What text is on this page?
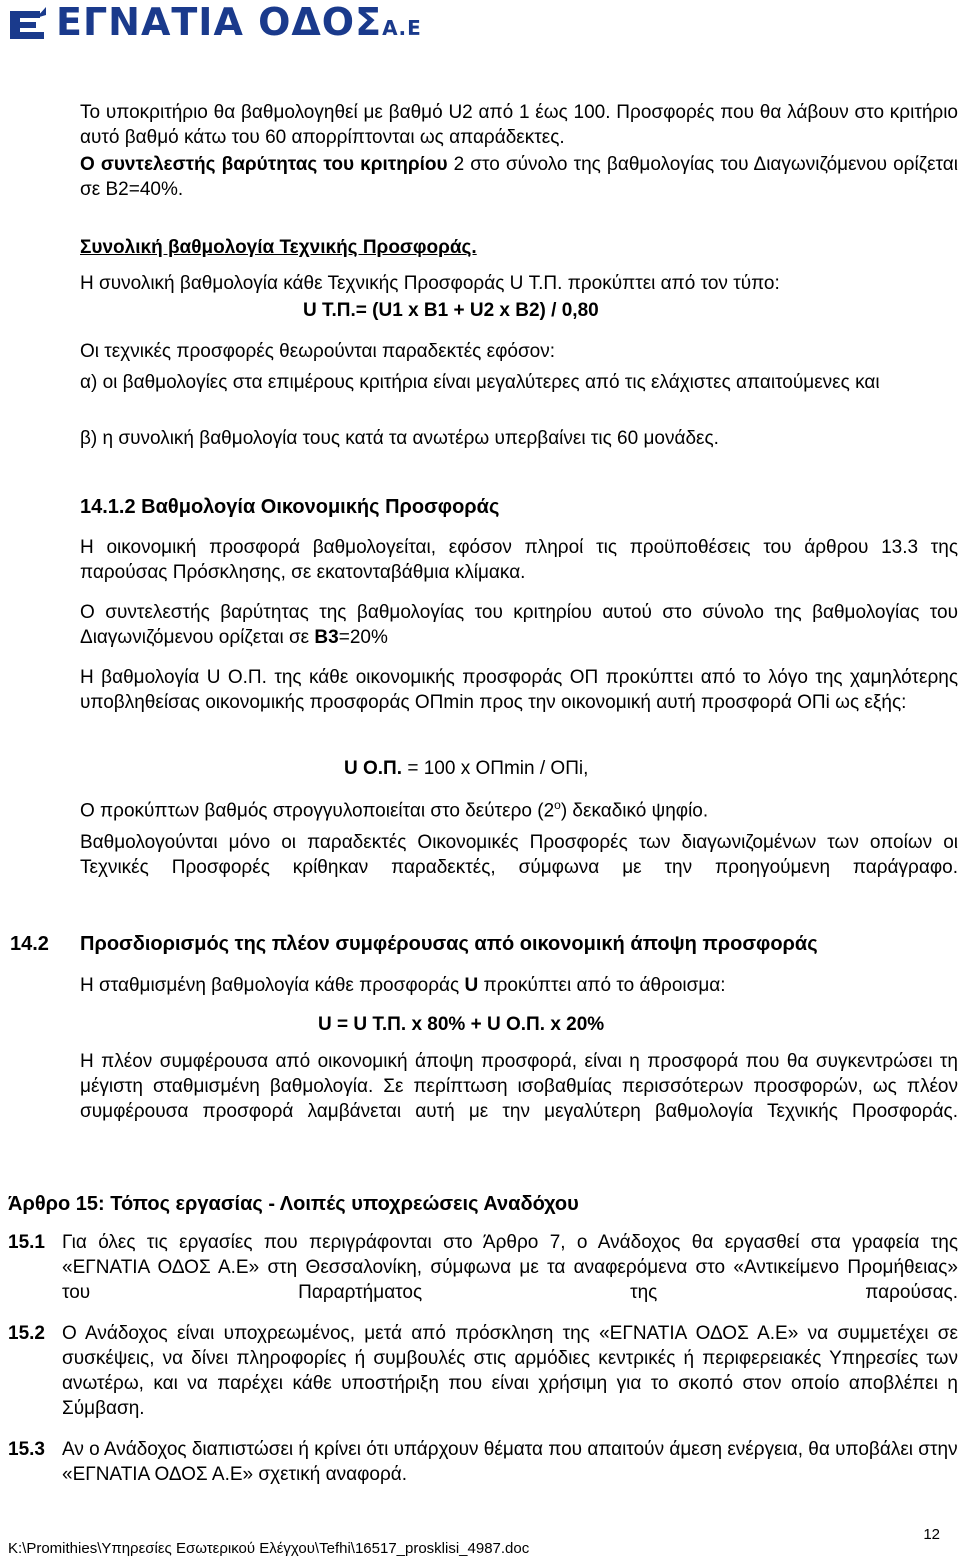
ΕΓΝΑΤΙΑ ΟΔΟΣΑ.Ε

Το υποκριτήριο θα βαθμολογηθεί με βαθμό U2 από 1 έως 100. Προσφορές που θα λάβουν στο κριτήριο αυτό βαθμό κάτω του 60 απορρίπτονται ως απαράδεκτες.

Ο συντελεστής βαρύτητας του κριτηρίου 2 στο σύνολο της βαθμολογίας του Διαγωνιζόμενου ορίζεται σε Β2=40%.

Συνολική βαθμολογία Τεχνικής Προσφοράς.

Η συνολική βαθμολογία κάθε Τεχνικής Προσφοράς U Τ.Π. προκύπτει από τον τύπο:

U Τ.Π.= (U1 x B1 + U2 x B2) / 0,80

Οι τεχνικές προσφορές θεωρούνται παραδεκτές εφόσον:

α) οι βαθμολογίες στα επιμέρους κριτήρια είναι μεγαλύτερες από τις ελάχιστες απαιτούμενες και

β) η συνολική βαθμολογία τους κατά τα ανωτέρω υπερβαίνει τις 60 μονάδες.

14.1.2 Βαθμολογία Οικονομικής Προσφοράς

Η οικονομική προσφορά βαθμολογείται, εφόσον πληροί τις προϋποθέσεις του άρθρου 13.3 της παρούσας Πρόσκλησης, σε εκατονταβάθμια κλίμακα.

Ο συντελεστής βαρύτητας της βαθμολογίας του κριτηρίου αυτού στο σύνολο της βαθμολογίας του Διαγωνιζόμενου ορίζεται σε Β3=20%

Η βαθμολογία U Ο.Π. της κάθε οικονομικής προσφοράς ΟΠ προκύπτει από το λόγο της χαμηλότερης υποβληθείσας οικονομικής προσφοράς ΟΠmin προς την οικονομική αυτή προσφορά ΟΠi ως εξής:

U Ο.Π. = 100 x ΟΠmin / ΟΠi,

Ο προκύπτων βαθμός στρογγυλοποιείται στο δεύτερο $(2^o)$ δεκαδικό ψηφίο.

Βαθμολογούνται μόνο οι παραδεκτές Οικονομικές Προσφορές των διαγωνιζομένων των οποίων οι Τεχνικές Προσφορές κρίθηκαν παραδεκτές, σύμφωνα με την προηγούμενη παράγραφο.

14.2	Προσδιορισμός της πλέον συμφέρουσας από οικονομική άποψη προσφοράς

Η σταθμισμένη βαθμολογία κάθε προσφοράς U προκύπτει από το άθροισμα:

U = U Τ.Π. x 80% + U Ο.Π. x 20%

Η πλέον συμφέρουσα από οικονομική άποψη προσφορά, είναι η προσφορά που θα συγκεντρώσει τη μέγιστη σταθμισμένη βαθμολογία. Σε περίπτωση ισοβαθμίας περισσότερων προσφορών, ως πλέον συμφέρουσα προσφορά λαμβάνεται αυτή με την μεγαλύτερη βαθμολογία Τεχνικής Προσφοράς.

Άρθρο 15: Τόπος εργασίας - Λοιπές υποχρεώσεις Αναδόχου

15.1 Για όλες τις εργασίες που περιγράφονται στο Άρθρο 7, ο Ανάδοχος θα εργασθεί στα γραφεία της «ΕΓΝΑΤΙΑ ΟΔΟΣ Α.Ε» στη Θεσσαλονίκη, σύμφωνα με τα αναφερόμενα στο «Αντικείμενο Προμήθειας» του Παραρτήματος της παρούσας.

15.2 Ο Ανάδοχος είναι υποχρεωμένος, μετά από πρόσκληση της «ΕΓΝΑΤΙΑ ΟΔΟΣ Α.Ε» να συμμετέχει σε συσκέψεις, να δίνει πληροφορίες ή συμβουλές στις αρμόδιες κεντρικές ή περιφερειακές Υπηρεσίες των ανωτέρω, και να παρέχει κάθε υποστήριξη που είναι χρήσιμη για το σκοπό στον οποίο αποβλέπει η Σύμβαση.

15.3 Αν ο Ανάδοχος διαπιστώσει ή κρίνει ότι υπάρχουν θέματα που απαιτούν άμεση ενέργεια, θα υποβάλει στην «ΕΓΝΑΤΙΑ ΟΔΟΣ Α.Ε» σχετική αναφορά.

K:\Promithies\Υπηρεσίες Εσωτερικού Ελέγχου\Tefhi\16517_prosklisi_4987.doc

12
